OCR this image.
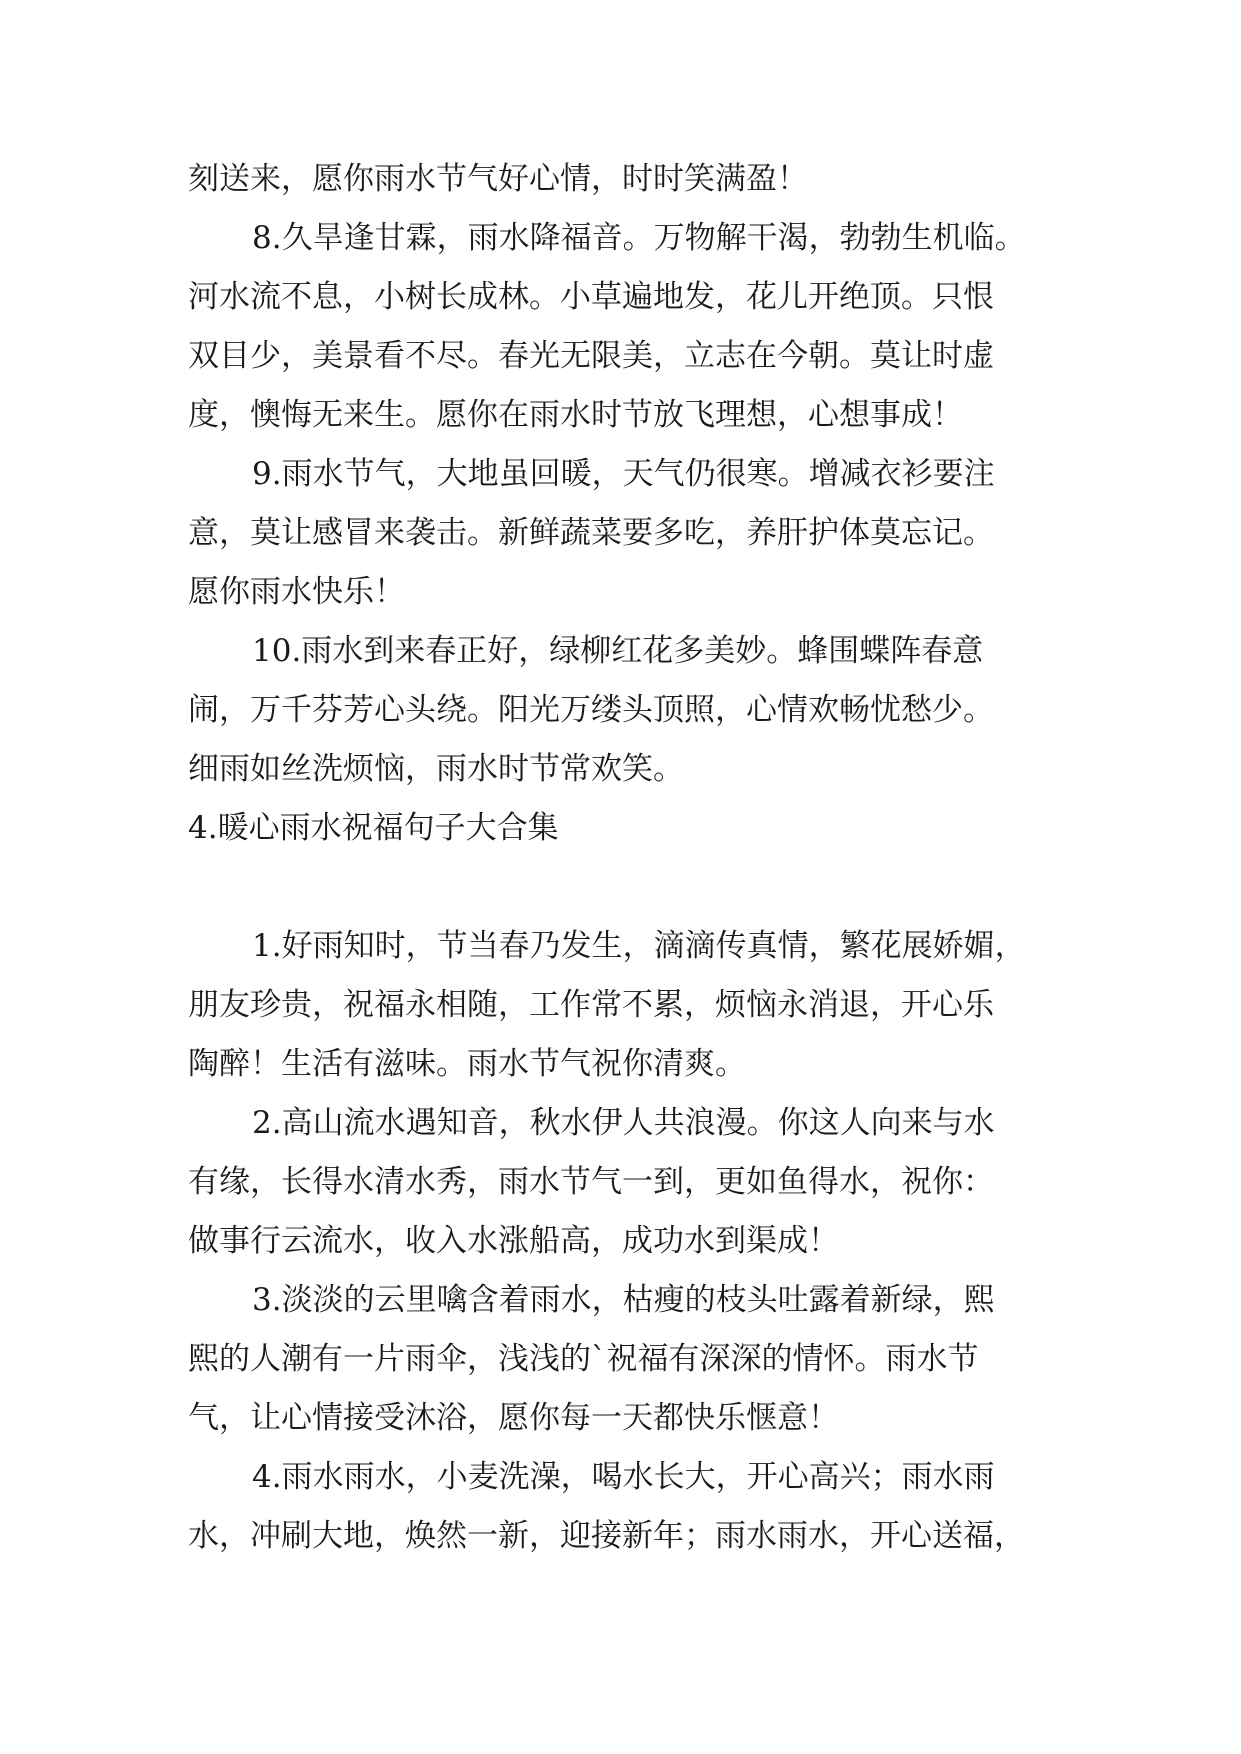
刻送来，愿你雨水节气好心情，时时笑满盈！
8.久旱逢甘霖，雨水降福音。万物解干渴，勃勃生机临。
河水流不息，小树长成林。小草遍地发，花儿开绝顶。只恨
双目少，美景看不尽。春光无限美，立志在今朝。莫让时虚
度，懊悔无来生。愿你在雨水时节放飞理想，心想事成！
9.雨水节气，大地虽回暖，天气仍很寒。增减衣衫要注
意，莫让感冒来袭击。新鲜蔬菜要多吃，养肝护体莫忘记。
愿你雨水快乐！
10.雨水到来春正好，绿柳红花多美妙。蜂围蝶阵春意
闹，万千芬芳心头绕。阳光万缕头顶照，心情欢畅忧愁少。
细雨如丝洗烦恼，雨水时节常欢笑。
4.暖心雨水祝福句子大合集
1.好雨知时，节当春乃发生，滴滴传真情，繁花展娇媚，
朋友珍贵，祝福永相随，工作常不累，烦恼永消退，开心乐
陶醉！生活有滋味。雨水节气祝你清爽。
2.高山流水遇知音，秋水伊人共浪漫。你这人向来与水
有缘，长得水清水秀，雨水节气一到，更如鱼得水，祝你：
做事行云流水，收入水涨船高，成功水到渠成！
3.淡淡的云里噙含着雨水，枯瘦的枝头吐露着新绿，熙
熙的人潮有一片雨伞，浅浅的`祝福有深深的情怀。雨水节
气，让心情接受沐浴，愿你每一天都快乐惬意！
4.雨水雨水，小麦洗澡，喝水长大，开心高兴；雨水雨
水，冲刷大地，焕然一新，迎接新年；雨水雨水，开心送福，
